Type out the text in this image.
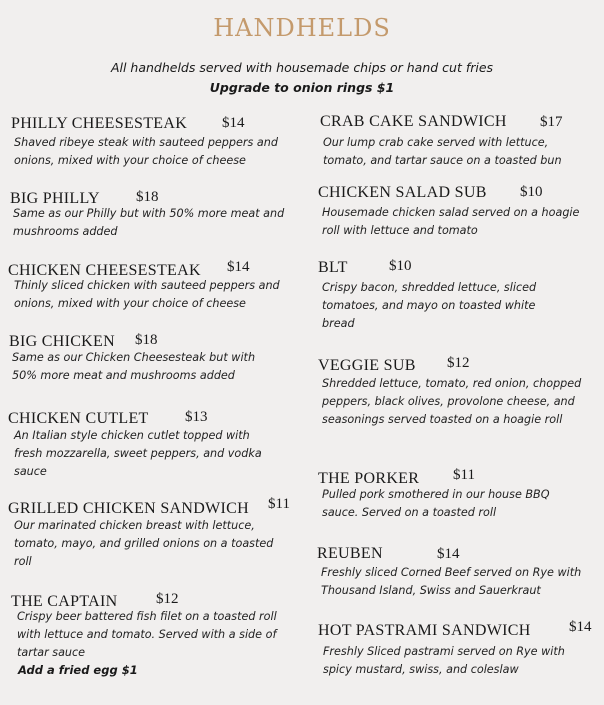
HANDHELDS
All handhelds served with housemade chips or hand cut fries
Upgrade to onion rings $1
PHILLY CHEESESTEAK $14
Shaved ribeye steak with sauteed peppers and onions, mixed with your choice of cheese
BIG PHILLY $18
Same as our Philly but with 50% more meat and mushrooms added
CHICKEN CHEESESTEAK $14
Thinly sliced chicken with sauteed peppers and onions, mixed with your choice of cheese
BIG CHICKEN $18
Same as our Chicken Cheesesteak but with 50% more meat and mushrooms added
CHICKEN CUTLET $13
An Italian style chicken cutlet topped with fresh mozzarella, sweet peppers, and vodka sauce
GRILLED CHICKEN SANDWICH $11
Our marinated chicken breast with lettuce, tomato, mayo, and grilled onions on a toasted roll
THE CAPTAIN	$12
Crispy beer battered fish filet on a toasted roll with lettuce and tomato. Served with a side of tartar sauce
Add a fried egg $1
CRAB CAKE SANDWICH $17
Our lump crab cake served with lettuce, tomato, and tartar sauce on a toasted bun
CHICKEN SALAD SUB $10
Housemade chicken salad served on a hoagie roll with lettuce and tomato
BLT	$10
Crispy bacon, shredded lettuce, sliced tomatoes, and mayo on toasted white bread
VEGGIE SUB $12
Shredded lettuce, tomato, red onion, chopped peppers, black olives, provolone cheese, and seasonings served toasted on a hoagie roll
THE PORKER $11
Pulled pork smothered in our house BBQ sauce. Served on a toasted roll
REUBEN	$14
Freshly sliced Corned Beef served on Rye with Thousand Island, Swiss and Sauerkraut
HOT PASTRAMI SANDWICH	$14
Freshly Sliced pastrami served on Rye with spicy mustard, swiss, and coleslaw
